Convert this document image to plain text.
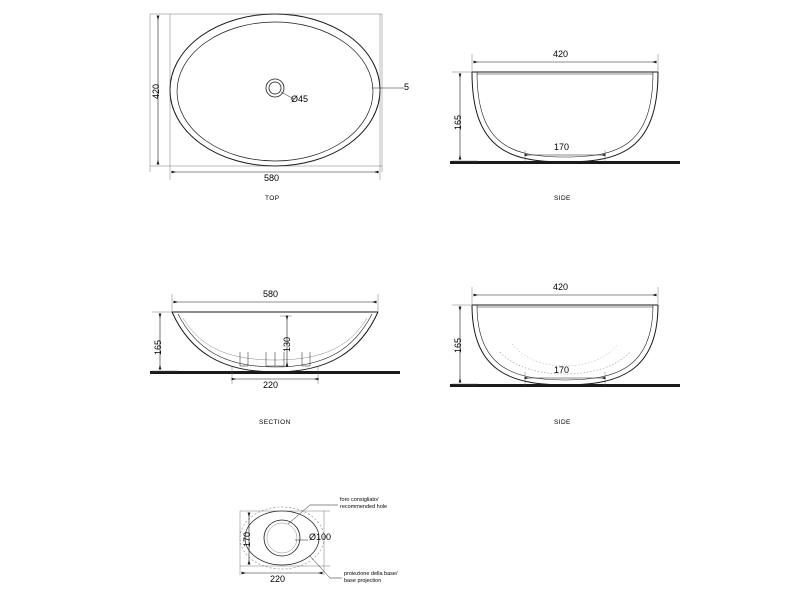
420
580
5
Ø45
TOP
420
165
170
SIDE
580
165	130
220
SECTION
420
165
170
SIDE
170
220
Ø100
foro consigliato/
recommended hole
proiezione della base/
base projection
